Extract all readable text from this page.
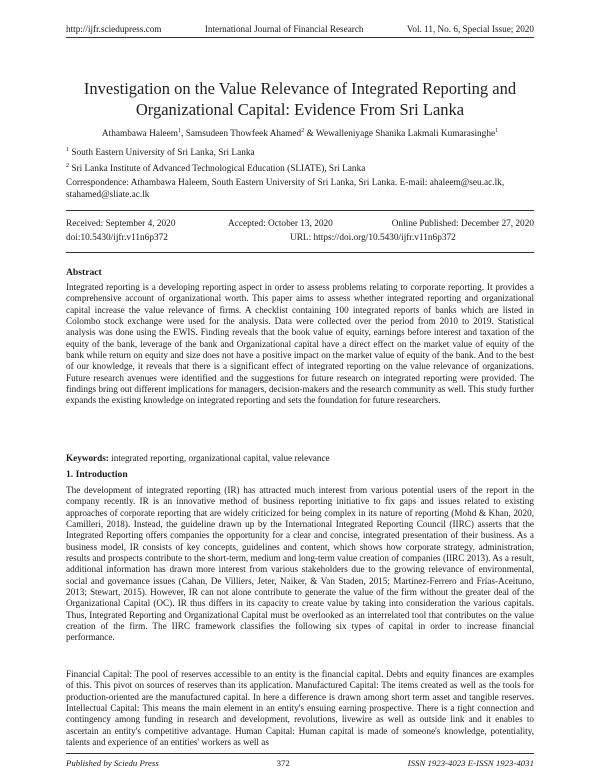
http://ijfr.sciedupress.com	International Journal of Financial Research	Vol. 11, No. 6, Special Issue; 2020
Investigation on the Value Relevance of Integrated Reporting and
Organizational Capital: Evidence From Sri Lanka
Athambawa Haleem$^1$, Samsudeen Thowfeek Ahamed$^2$ & Wewalleniyage Shanika Lakmali Kumarasinghe$^1$
$^1$ South Eastern University of Sri Lanka, Sri Lanka
$^2$ Sri Lanka Institute of Advanced Technological Education (SLIATE), Sri Lanka
Correspondence: Athambawa Haleem, South Eastern University of Sri Lanka, Sri Lanka. E-mail: ahaleem@seu.ac.lk,
stahamed@sliate.ac.lk
Received: September 4, 2020	Accepted: October 13, 2020	Online Published: December 27, 2020
doi:10.5430/ijfr.v11n6p372	URL: https://doi.org/10.5430/ijfr.v11n6p372
Abstract

Integrated reporting is a developing reporting aspect in order to assess problems relating to corporate reporting. It provides a comprehensive account of organizational worth. This paper aims to assess whether integrated reporting and organizational capital increase the value relevance of firms. A checklist containing 100 integrated reports of banks which are listed in Colombo stock exchange were used for the analysis. Data were collected over the period from 2010 to 2019. Statistical analysis was done using the EWIS. Finding reveals that the book value of equity, earnings before interest and taxation of the equity of the bank, leverage of the bank and Organizational capital have a direct effect on the market value of equity of the bank while return on equity and size does not have a positive impact on the market value of equity of the bank. And to the best of our knowledge, it reveals that there is a significant effect of integrated reporting on the value relevance of organizations. Future research avenues were identified and the suggestions for future research on integrated reporting were provided. The findings bring out different implications for managers, decision-makers and the research community as well. This study further expands the existing knowledge on integrated reporting and sets the foundation for future researchers.

Keywords: integrated reporting, organizational capital, value relevance
1. Introduction

The development of integrated reporting (IR) has attracted much interest from various potential users of the report in the company recently. IR is an innovative method of business reporting initiative to fix gaps and issues related to existing approaches of corporate reporting that are widely criticized for being complex in its nature of reporting (Mohd & Khan, 2020, Camilleri, 2018). Instead, the guideline drawn up by the International Integrated Reporting Council (IIRC) asserts that the Integrated Reporting offers companies the opportunity for a clear and concise, integrated presentation of their business. As a business model, IR consists of key concepts, guidelines and content, which shows how corporate strategy, administration, results and prospects contribute to the short-term, medium and long-term value creation of companies (IIRC 2013). As a result, additional information has drawn more interest from various stakeholders due to the growing relevance of environmental, social and governance issues (Cahan, De Villiers, Jeter, Naiker, & Van Staden, 2015; Martínez-Ferrero and Frías-Aceituno, 2013; Stewart, 2015). However, IR can not alone contribute to generate the value of the firm without the greater deal of the Organizational Capital (OC). IR thus differs in its capacity to create value by taking into consideration the various capitals. Thus, Integrated Reporting and Organizational Capital must be overlooked as an interrelated tool that contributes on the value creation of the firm. The IIRC framework classifies the following six types of capital in order to increase financial performance.

Financial Capital: The pool of reserves accessible to an entity is the financial capital. Debts and equity finances are examples of this. This pivot on sources of reserves than its application. Manufactured Capital: The items created as well as the tools for production-oriented are the manufactured capital. In here a difference is drawn among short term asset and tangible reserves. Intellectual Capital: This means the main element in an entity's ensuing earning prospective. There is a tight connection and contingency among funding in research and development, revolutions, livewire as well as outside link and it enables to ascertain an entity's competitive advantage. Human Capital: Human capital is made of someone's knowledge, potentiality, talents and experience of an entities' workers as well as

Published by Sciedu Press	372	ISSN 1923-4023 E-ISSN 1923-4031
